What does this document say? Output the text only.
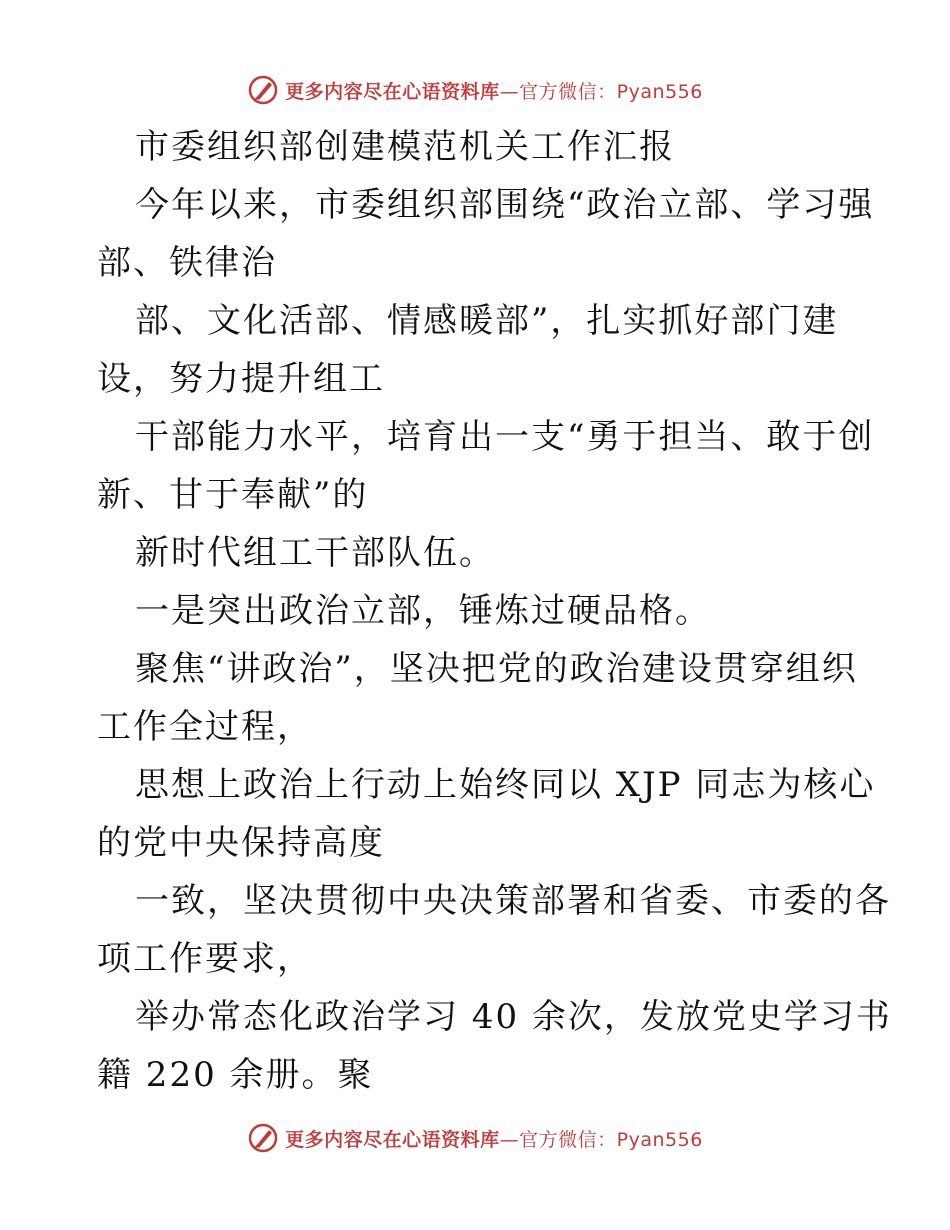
更多内容尽在心语资料库—官方微信：Pyan556
市委组织部创建模范机关工作汇报
今年以来，市委组织部围绕“政治立部、学习强
部、铁律治
部、文化活部、情感暖部”，扎实抓好部门建
设，努力提升组工
干部能力水平，培育出一支“勇于担当、敢于创
新、甘于奉献”的
新时代组工干部队伍。
一是突出政治立部，锤炼过硬品格。
聚焦“讲政治”，坚决把党的政治建设贯穿组织
工作全过程，
思想上政治上行动上始终同以 XJP 同志为核心
的党中央保持高度
一致，坚决贯彻中央决策部署和省委、市委的各
项工作要求，
举办常态化政治学习 40 余次，发放党史学习书
籍 220 余册。聚
更多内容尽在心语资料库—官方微信：Pyan556
